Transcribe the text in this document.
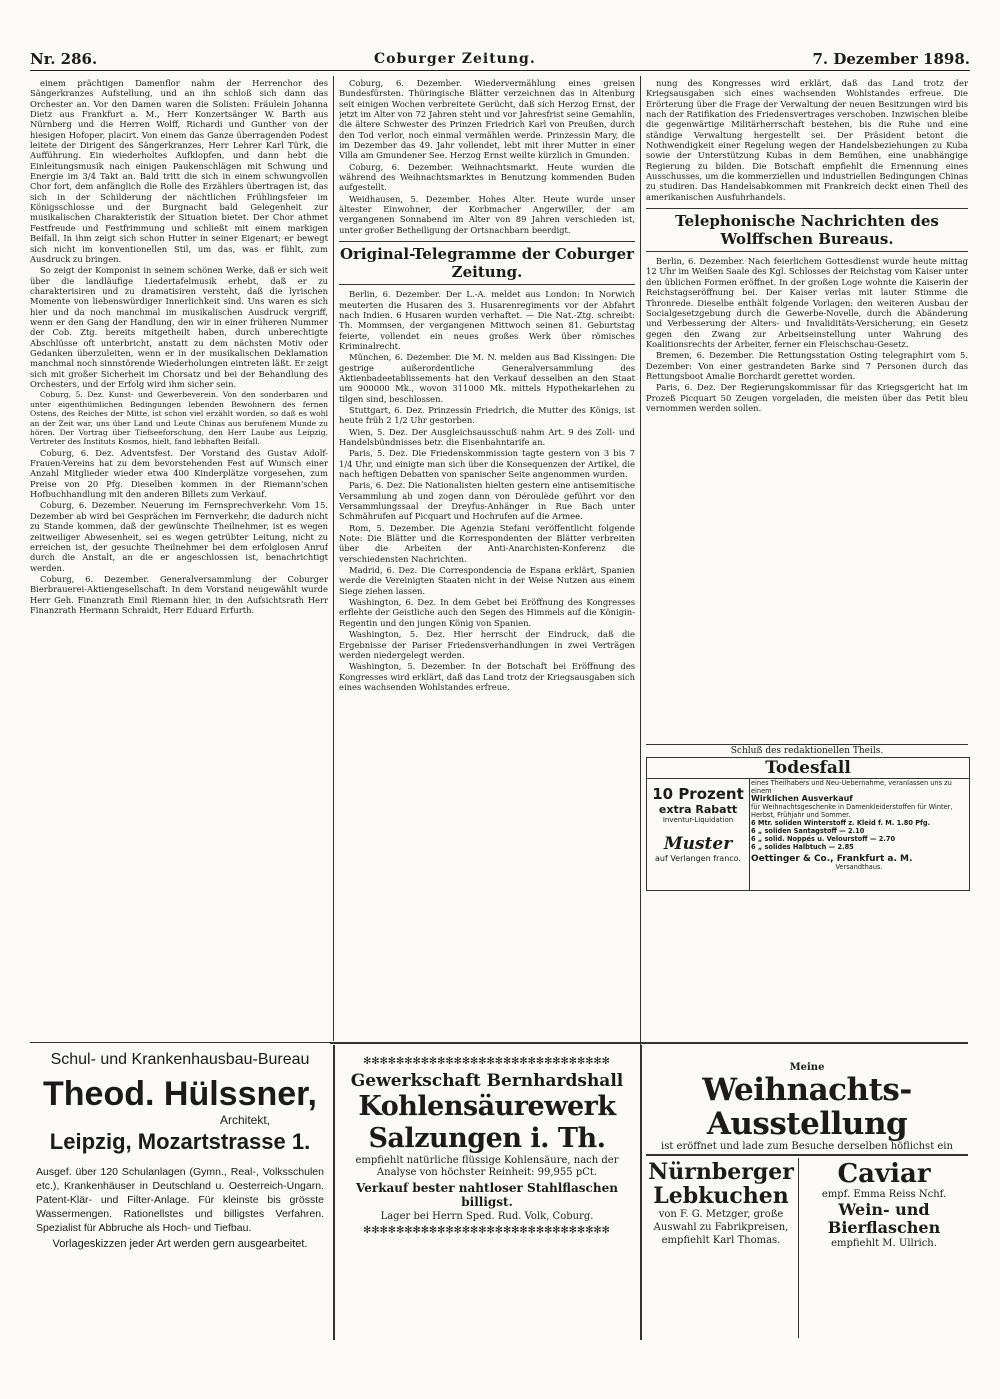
Nr. 286.	Coburger Zeitung.	7. Dezember 1898.

einem prächtigen Damenflor nahm der Herrenchor des Sängerkranzes Aufstellung, und an ihn schloß sich dann das Orchester an. Vor den Damen waren die Solisten: Fräulein Johanna Dietz aus Frankfurt a. M., Herr Konzertsänger W. Barth aus Nürnberg und die Herren Wolff, Richardi und Gunther von der hiesigen Hofoper, placirt. Von einem das Ganze überragenden Podest leitete der Dirigent des Sängerkranzes, Herr Lehrer Karl Türk, die Aufführung. Ein wiederholtes Aufklopfen, und dann hebt die Einleitungsmusik nach einigen Paukenschlägen mit Schwung und Energie im 3/4 Takt an. Bald tritt die sich in einem schwungvollen Chor fort, dem anfänglich die Rolle des Erzählers übertragen ist, das sich in der Schilderung der nächtlichen Frühlingsfeier im Königsschlosse und der Burgnacht bald Gelegenheit zur musikalischen Charakteristik der Situation bietet. Der Chor athmet Festfreude und Festfrimmung und schließt mit einem markigen Beifall. In ihm zeigt sich schon Hutter in seiner Eigenart; er bewegt sich nicht im konventionellen Stil, um das, was er fühlt, zum Ausdruck zu bringen.

So zeigt der Komponist in seinem schönen Werke, daß er sich weit über die landläufige Liedertafelmusik erhebt, daß er zu charakterisiren und zu dramatisiren versteht, daß die lyrischen Momente von liebenswürdiger Innerlichkeit sind. Uns waren es sich hier und da noch manchmal im musikalischen Ausdruck vergriff, wenn er den Gang der Handlung, den wir in einer früheren Nummer der Cob. Ztg. bereits mitgetheilt haben, durch unberechtigte Abschlüsse oft unterbricht, anstatt zu dem nächsten Motiv oder Gedanken überzuleiten, wenn er in der musikalischen Deklamation manchmal noch sinnstörende Wiederholungen eintreten läßt. Er zeigt sich mit großer Sicherheit im Chorsatz und bei der Behandlung des Orchesters, und der Erfolg wird ihm sicher sein.

Coburg, 5. Dez. Kunst- und Gewerbeverein. Von den sonderbaren und unter eigenthümlichen Bedingungen lebenden Bewohnern des fernen Ostens, des Reiches der Mitte, ist schon viel erzählt worden, so daß es wohl an der Zeit war, uns über Land und Leute Chinas aus berufenem Munde zu hören. Der Vortrag über Tiefseeforschung, den Herr Laube aus Leipzig, Vertreter des Instituts Kosmos, hielt, fand lebhaften Beifall.

Coburg, 6. Dez. Adventsfest. Der Vorstand des Gustav Adolf-Frauen-Vereins hat zu dem bevorstehenden Fest auf Wunsch einer Anzahl Mitglieder wieder etwa 400 Kinderplätze vorgesehen, zum Preise von 20 Pfg. Dieselben kommen in der Riemann'schen Hofbuchhandlung mit den anderen Billets zum Verkauf.

Coburg, 6. Dezember. Neuerung im Fernsprechverkehr. Vom 15. Dezember ab wird bei Gesprächen im Fernverkehr, die dadurch nicht zu Stande kommen, daß der gewünschte Theilnehmer, ist es wegen zeitweiliger Abwesenheit, sei es wegen getrübter Leitung, nicht zu erreichen ist, der gesuchte Theilnehmer bei dem erfolglosen Anruf durch die Anstalt, an die er angeschlossen ist, benachrichtigt werden.

Coburg, 6. Dezember. Generalversammlung der Coburger Bierbrauerei-Aktiengesellschaft. In dem Vorstand neugewählt wurde Herr Geh. Finanzrath Emil Riemann hier, in den Aufsichtsrath Herr Finanzrath Hermann Schraidt, Herr Eduard Erfurth.

Coburg, 6. Dezember. Wiedervermählung eines greisen Bundesfürsten. Thüringische Blätter verzeichnen das in Altenburg seit einigen Wochen verbreitete Gerücht, daß sich Herzog Ernst, der jetzt im Alter von 72 Jahren steht und vor Jahresfrist seine Gemahlin, die ältere Schwester des Prinzen Friedrich Karl von Preußen, durch den Tod verlor, noch einmal vermählen werde. Prinzessin Mary, die im Dezember das 49. Jahr vollendet, lebt mit ihrer Mutter in einer Villa am Gmundener See. Herzog Ernst weilte kürzlich in Gmunden.

Coburg, 6. Dezember. Weihnachtsmarkt. Heute wurden die während des Weihnachtsmarktes in Benutzung kommenden Buden aufgestellt.

Weidhausen, 5. Dezember. Hohes Alter. Heute wurde unser ältester Einwohner, der Korbmacher Angerwiller, der am vergangenen Sonnabend im Alter von 89 Jahren verschieden ist, unter großer Betheiligung der Ortsnachbarn beerdigt.

Original-Telegramme der Coburger Zeitung.

Berlin, 6. Dezember. Der L.-A. meldet aus London: In Norwich meuterten die Husaren des 3. Husarenregiments vor der Abfahrt nach Indien. 6 Husaren wurden verhaftet. — Die Nat.-Ztg. schreibt: Th. Mommsen, der vergangenen Mittwoch seinen 81. Geburtstag feierte, vollendet ein neues großes Werk über römisches Kriminalrecht.

München, 6. Dezember. Die M. N. melden aus Bad Kissingen: Die gestrige außerordentliche Generalversammlung des Aktienbadeetablissements hat den Verkauf desselben an den Staat um 900000 Mk., wovon 311000 Mk. mittels Hypothekarlehen zu tilgen sind, beschlossen.

Stuttgart, 6. Dez. Prinzessin Friedrich, die Mutter des Königs, ist heute früh 2 1/2 Uhr gestorben.

Wien, 5. Dez. Der Ausgleichsausschuß nahm Art. 9 des Zoll- und Handelsbündnisses betr. die Eisenbahntarife an.

Paris, 5. Dez. Die Friedenskommission tagte gestern von 3 bis 7 1/4 Uhr, und einigte man sich über die Konsequenzen der Artikel, die nach heftigen Debatten von spanischer Seite angenommen wurden.

Paris, 6. Dez. Die Nationalisten hielten gestern eine antisemitische Versammlung ab und zogen dann von Déroulède geführt vor den Versammlungssaal der Dreyfus-Anhänger in Rue Bach unter Schmährufen auf Picquart und Hochrufen auf die Armee.

Rom, 5. Dezember. Die Agenzia Stefani veröffentlicht folgende Note: Die Blätter und die Korrespondenten der Blätter verbreiten über die Arbeiten der Anti-Anarchisten-Konferenz die verschiedensten Nachrichten.

Madrid, 6. Dez. Die Correspondencia de Espana erklärt, Spanien werde die Vereinigten Staaten nicht in der Weise Nutzen aus einem Siege ziehen lassen.

Washington, 6. Dez. In dem Gebet bei Eröffnung des Kongresses erflehte der Geistliche auch den Segen des Himmels auf die Königin-Regentin und den jungen König von Spanien.

Washington, 5. Dez. Hier herrscht der Eindruck, daß die Ergebnisse der Pariser Friedensverhandlungen in zwei Verträgen werden niedergelegt werden.

Washington, 5. Dezember. In der Botschaft bei Eröffnung des Kongresses wird erklärt, daß das Land trotz der Kriegsausgaben sich eines wachsenden Wohlstandes erfreue.

nung des Kongresses wird erklärt, daß das Land trotz der Kriegsausgaben sich eines wachsenden Wohlstandes erfreue. Die Erörterung über die Frage der Verwaltung der neuen Besitzungen wird bis nach der Ratifikation des Friedensvertrages verschoben. Inzwischen bleibe die gegenwärtige Militärherrschaft bestehen, bis die Ruhe und eine ständige Verwaltung hergestellt sei. Der Präsident betont die Nothwendigkeit einer Regelung wegen der Handelsbeziehungen zu Kuba sowie der Unterstützung Kubas in dem Bemühen, eine unabhängige Regierung zu bilden. Die Botschaft empfiehlt die Ernennung eines Ausschusses, um die kommerziellen und industriellen Bedingungen Chinas zu studiren. Das Handelsabkommen mit Frankreich deckt einen Theil des amerikanischen Ausfuhrhandels.

Telephonische Nachrichten des Wolffschen Bureaus.

Berlin, 6. Dezember. Nach feierlichem Gottesdienst wurde heute mittag 12 Uhr im Weißen Saale des Kgl. Schlosses der Reichstag vom Kaiser unter den üblichen Formen eröffnet. In der großen Loge wohnte die Kaiserin der Reichstagseröffnung bei. Der Kaiser verlas mit lauter Stimme die Thronrede. Dieselbe enthält folgende Vorlagen: den weiteren Ausbau der Socialgesetzgebung durch die Gewerbe-Novelle, durch die Abänderung und Verbesserung der Alters- und Invaliditäts-Versicherung, ein Gesetz gegen den Zwang zur Arbeitseinstellung unter Wahrung des Koalitionsrechts der Arbeiter, ferner ein Fleischschau-Gesetz.

Bremen, 6. Dezember. Die Rettungsstation Osting telegraphirt vom 5. Dezember: Von einer gestrandeten Barke sind 7 Personen durch das Rettungsboot Amalie Borchardt gerettet worden.

Paris, 6. Dez. Der Regierungskommissar für das Kriegsgericht hat im Prozeß Picquart 50 Zeugen vorgeladen, die meisten über das Petit bleu vernommen werden sollen.

Schluß des redaktionellen Theils.
Todesfall
10 Prozent
extra Rabatt
Inventur-Liquidation
Muster
auf Verlangen franco.
eines Theilhabers und Neu-Uebernahme, veranlassen uns zu einem
Wirklichen Ausverkauf
für Weihnachtsgeschenke in Damenkleiderstoffen für Winter, Herbst, Frühjahr und Sommer.
6 Mtr. soliden Winterstoff z. Kleid f. M. 1.80 Pfg.
6 „ soliden Santagstoff — 2.10
6 „ solid. Noppés u. Velourstoff — 2.70
6 „ solides Halbtuch — 2.85
Oettinger & Co., Frankfurt a. M.
Versandthaus.
Schul- und Krankenhausbau-Bureau
Theod. Hülssner,
Architekt,
Leipzig, Mozartstrasse 1.
Ausgef. über 120 Schulanlagen (Gymn., Real-, Volksschulen etc.), Krankenhäuser in Deutschland u. Oesterreich-Ungarn. Patent-Klär- und Filter-Anlage. Für kleinste bis grösste Wassermengen. Rationellstes und billigstes Verfahren. Spezialist für Abbruche als Hoch- und Tiefbau.
Vorlageskizzen jeder Art werden gern ausgearbeitet.
✻✻✻✻✻✻✻✻✻✻✻✻✻✻✻✻✻✻✻✻✻✻✻✻✻✻✻✻✻✻
Gewerkschaft Bernhardshall
Kohlensäurewerk Salzungen i. Th.
empfiehlt natürliche flüssige Kohlensäure, nach der Analyse von höchster Reinheit: 99,955 pCt.
Verkauf bester nahtloser Stahlflaschen billigst.
Lager bei Herrn Sped. Rud. Volk, Coburg.
✻✻✻✻✻✻✻✻✻✻✻✻✻✻✻✻✻✻✻✻✻✻✻✻✻✻✻✻✻✻
Meine
Weihnachts-Ausstellung
ist eröffnet und lade zum Besuche derselben höflichst ein
Nürnberger
Lebkuchen
von F. G. Metzger, große Auswahl zu Fabrikpreisen, empfiehlt Karl Thomas.
Caviar
empf. Emma Reiss Nchf.
Wein- und Bierflaschen
empfiehlt M. Ullrich.
